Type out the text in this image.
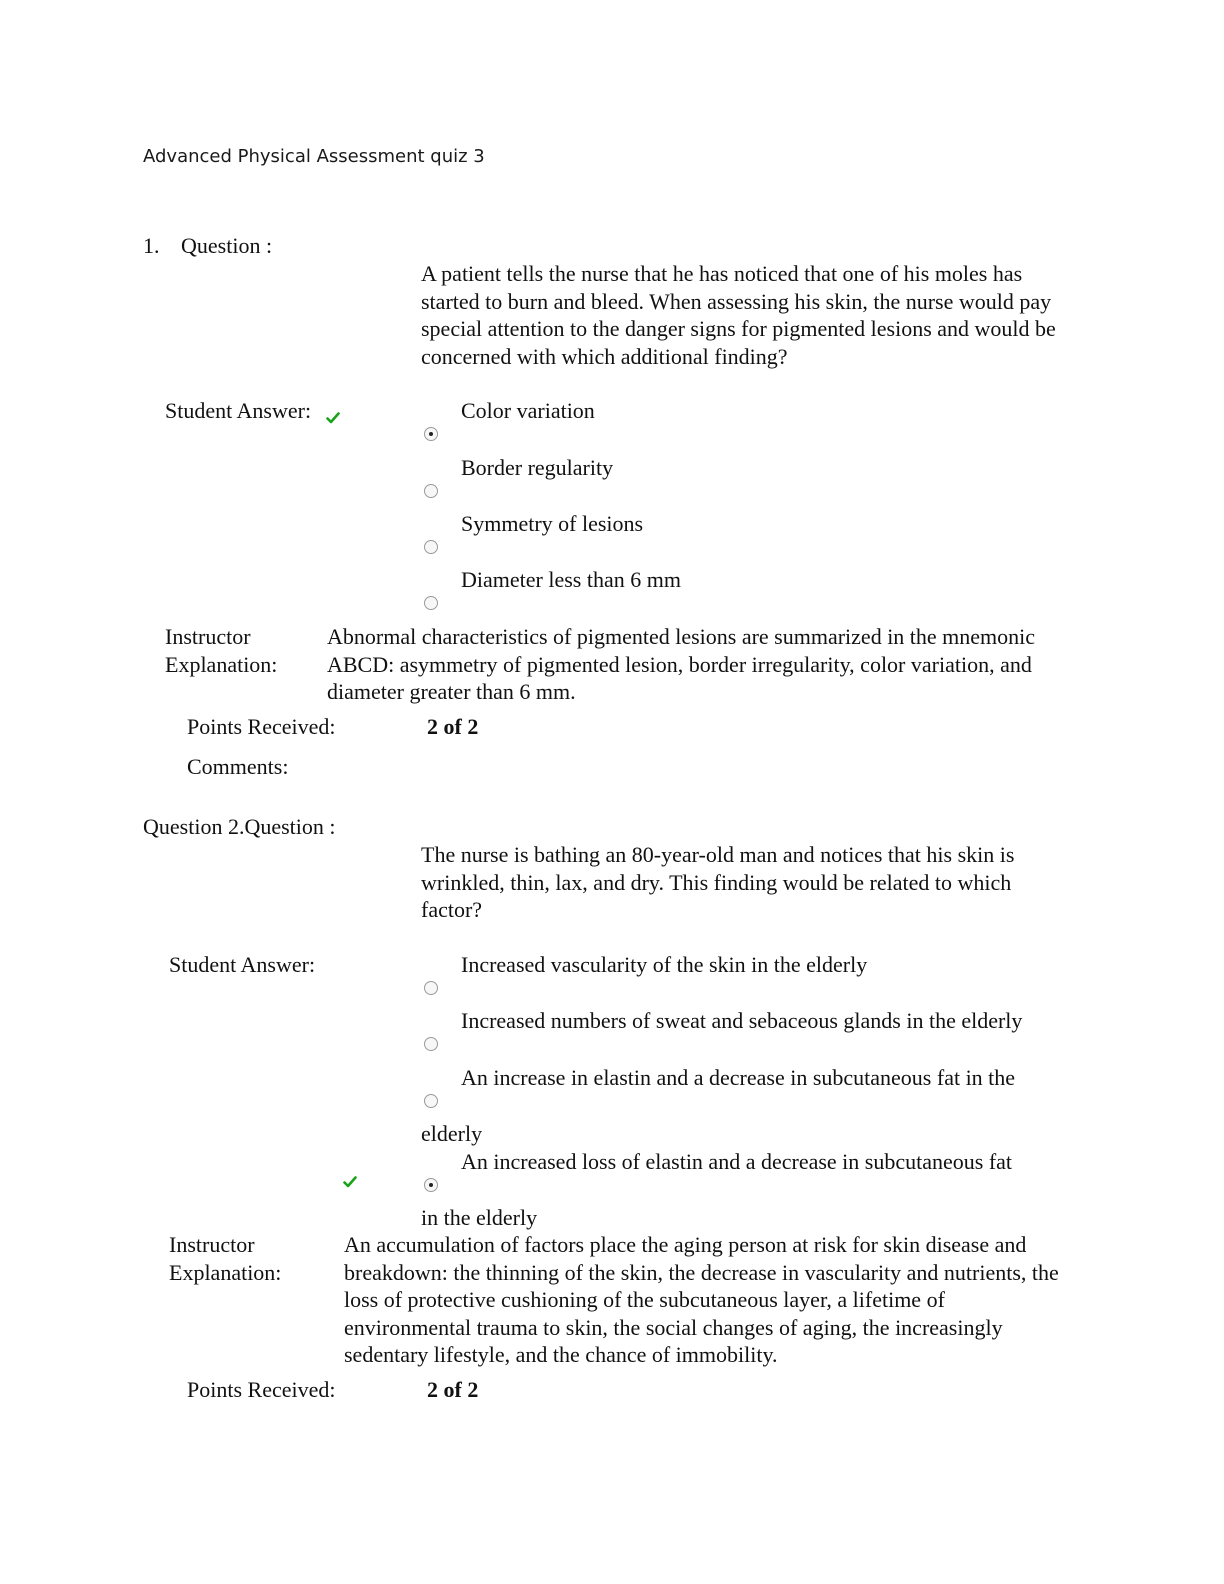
Advanced Physical Assessment quiz 3
1. Question :
A patient tells the nurse that he has noticed that one of his moles has started to burn and bleed. When assessing his skin, the nurse would pay special attention to the danger signs for pigmented lesions and would be concerned with which additional finding?
Student Answer:	Color variation
Border regularity
Symmetry of lesions
Diameter less than 6 mm
Instructor
Explanation:
Abnormal characteristics of pigmented lesions are summarized in the mnemonic ABCD: asymmetry of pigmented lesion, border irregularity, color variation, and diameter greater than 6 mm.
Points Received:	2 of 2
Comments:
Question 2.Question :
The nurse is bathing an 80-year-old man and notices that his skin is wrinkled, thin, lax, and dry. This finding would be related to which factor?
Student Answer:	Increased vascularity of the skin in the elderly
Increased numbers of sweat and sebaceous glands in the elderly
An increase in elastin and a decrease in subcutaneous fat in the
elderly
An increased loss of elastin and a decrease in subcutaneous fat
in the elderly
Instructor
Explanation:
An accumulation of factors place the aging person at risk for skin disease and breakdown: the thinning of the skin, the decrease in vascularity and nutrients, the loss of protective cushioning of the subcutaneous layer, a lifetime of environmental trauma to skin, the social changes of aging, the increasingly sedentary lifestyle, and the chance of immobility.
Points Received:	2 of 2
